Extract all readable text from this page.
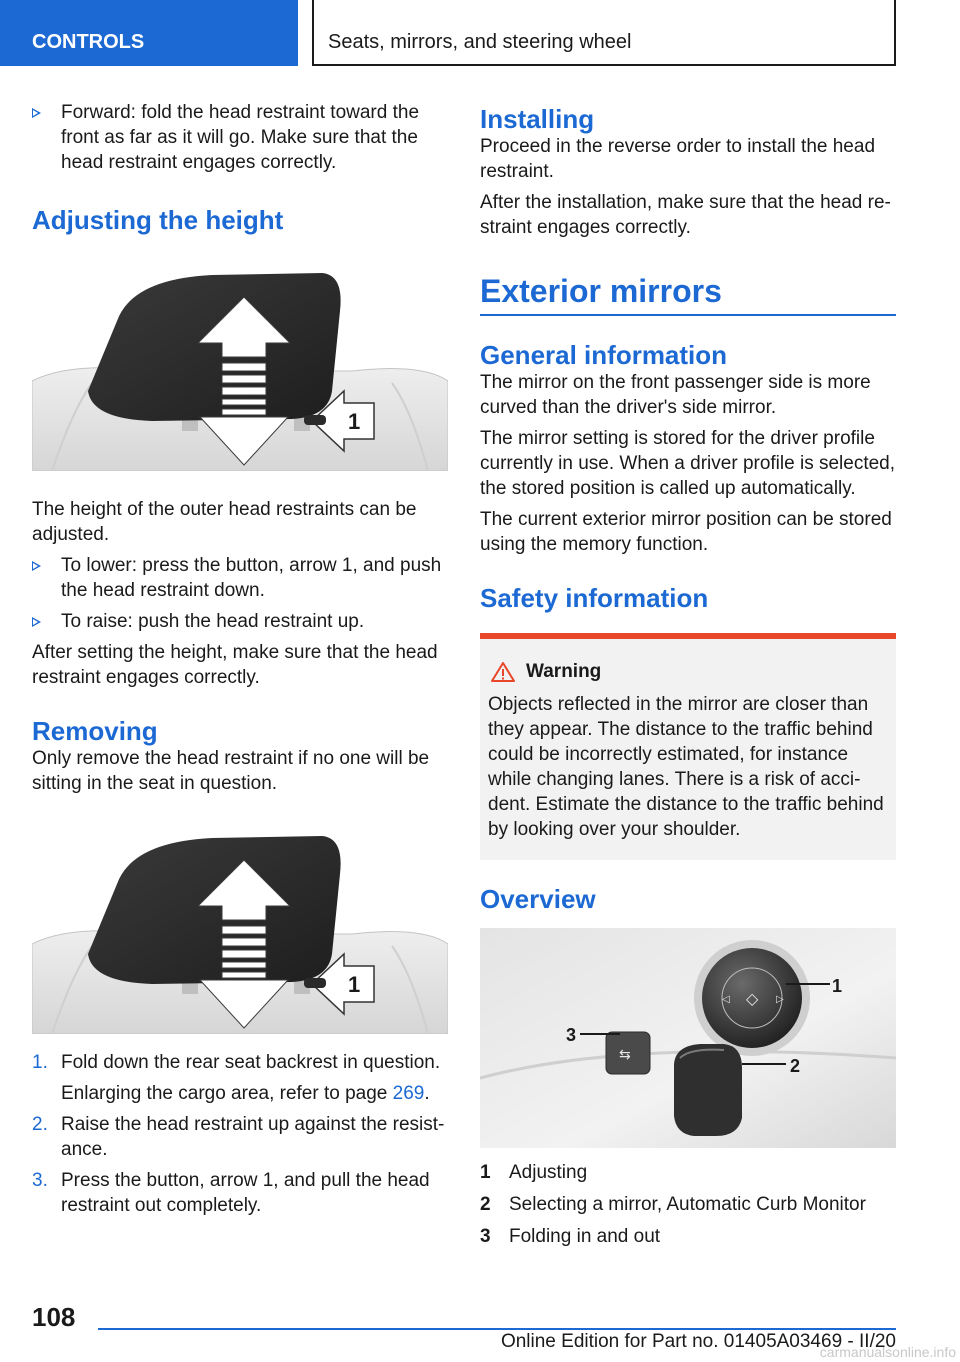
CONTROLS	Seats, mirrors, and steering wheel
Forward: fold the head restraint toward the front as far as it will go. Make sure that the head restraint engages correctly.
Adjusting the height
1

The height of the outer head restraints can be adjusted.

To lower: press the button, arrow 1, and push the head restraint down.
To raise: push the head restraint up.

After setting the height, make sure that the head restraint engages correctly.

Removing

Only remove the head restraint if no one will be sitting in the seat in question.

1
1. Fold down the rear seat backrest in question.
Enlarging the cargo area, refer to page 269.
2. Raise the head restraint up against the resist-ance.
3. Press the button, arrow 1, and pull the head restraint out completely.
Installing

Proceed in the reverse order to install the head restraint.

After the installation, make sure that the head re-straint engages correctly.

Exterior mirrors
General information

The mirror on the front passenger side is more curved than the driver's side mirror.

The mirror setting is stored for the driver profile currently in use. When a driver profile is selected, the stored position is called up automatically.

The current exterior mirror position can be stored using the memory function.

Safety information
Warning

Objects reflected in the mirror are closer than they appear. The distance to the traffic behind could be incorrectly estimated, for instance while changing lanes. There is a risk of acci-dent. Estimate the distance to the traffic behind by looking over your shoulder.

Overview
◇
◁	▷
⇆
1
2
3
1 Adjusting
2 Selecting a mirror, Automatic Curb Monitor
3 Folding in and out
108
Online Edition for Part no. 01405A03469 - II/20
carmanualsonline.info
